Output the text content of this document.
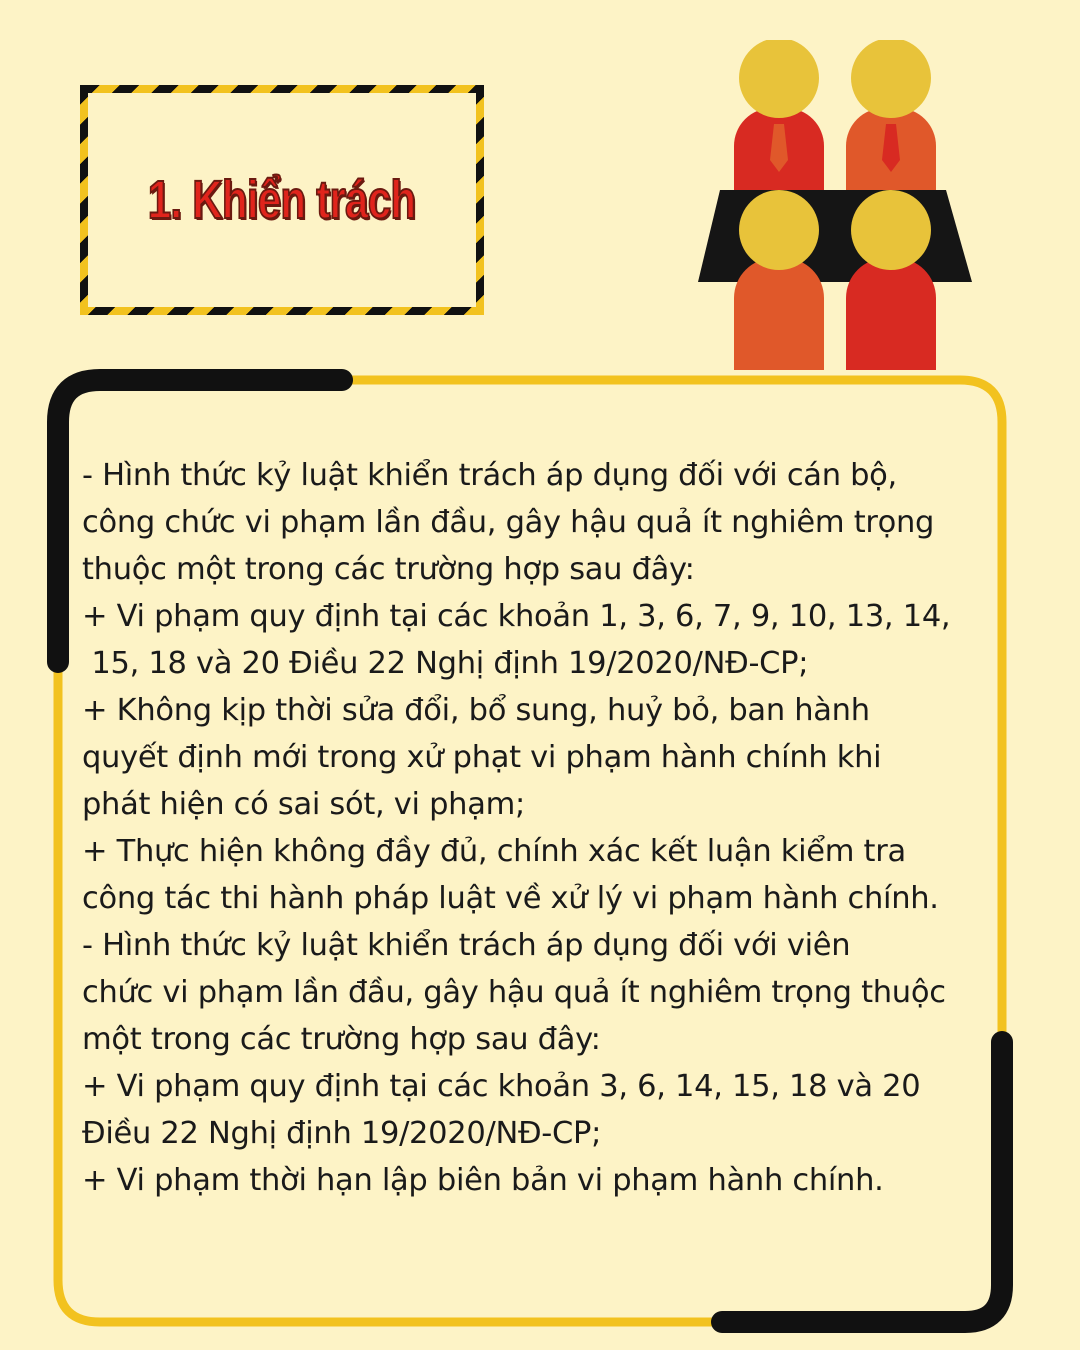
1. Khiển trách
- Hình thức kỷ luật khiển trách áp dụng đối với cán bộ,
công chức vi phạm lần đầu, gây hậu quả ít nghiêm trọng
thuộc một trong các trường hợp sau đây:
+ Vi phạm quy định tại các khoản 1, 3, 6, 7, 9, 10, 13, 14,
15, 18 và 20 Điều 22 Nghị định 19/2020/NĐ-CP;
+ Không kịp thời sửa đổi, bổ sung, huỷ bỏ, ban hành
quyết định mới trong xử phạt vi phạm hành chính khi
phát hiện có sai sót, vi phạm;
+ Thực hiện không đầy đủ, chính xác kết luận kiểm tra
công tác thi hành pháp luật về xử lý vi phạm hành chính.
- Hình thức kỷ luật khiển trách áp dụng đối với viên
chức vi phạm lần đầu, gây hậu quả ít nghiêm trọng thuộc
một trong các trường hợp sau đây:
+ Vi phạm quy định tại các khoản 3, 6, 14, 15, 18 và 20
Điều 22 Nghị định 19/2020/NĐ-CP;
+ Vi phạm thời hạn lập biên bản vi phạm hành chính.
